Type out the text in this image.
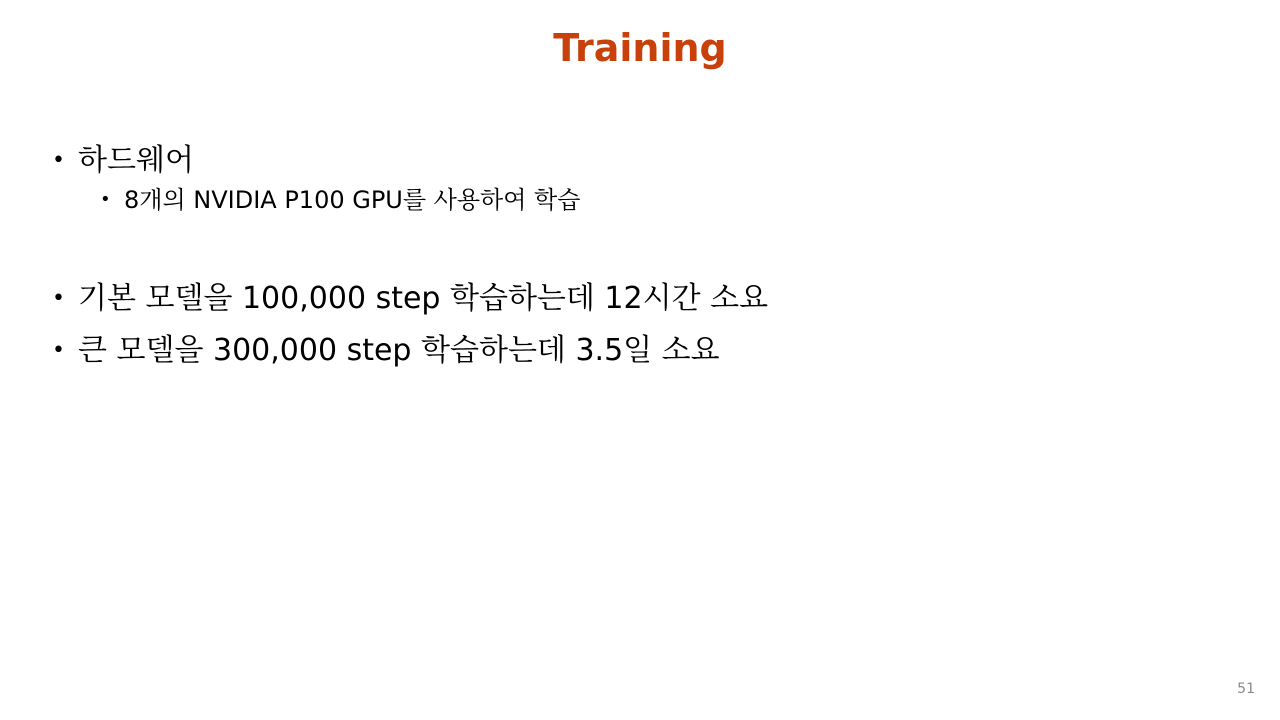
Training
• 하드웨어
• 8개의 NVIDIA P100 GPU를 사용하여 학습
• 기본 모델을 100,000 step 학습하는데 12시간 소요
• 큰 모델을 300,000 step 학습하는데 3.5일 소요
51
